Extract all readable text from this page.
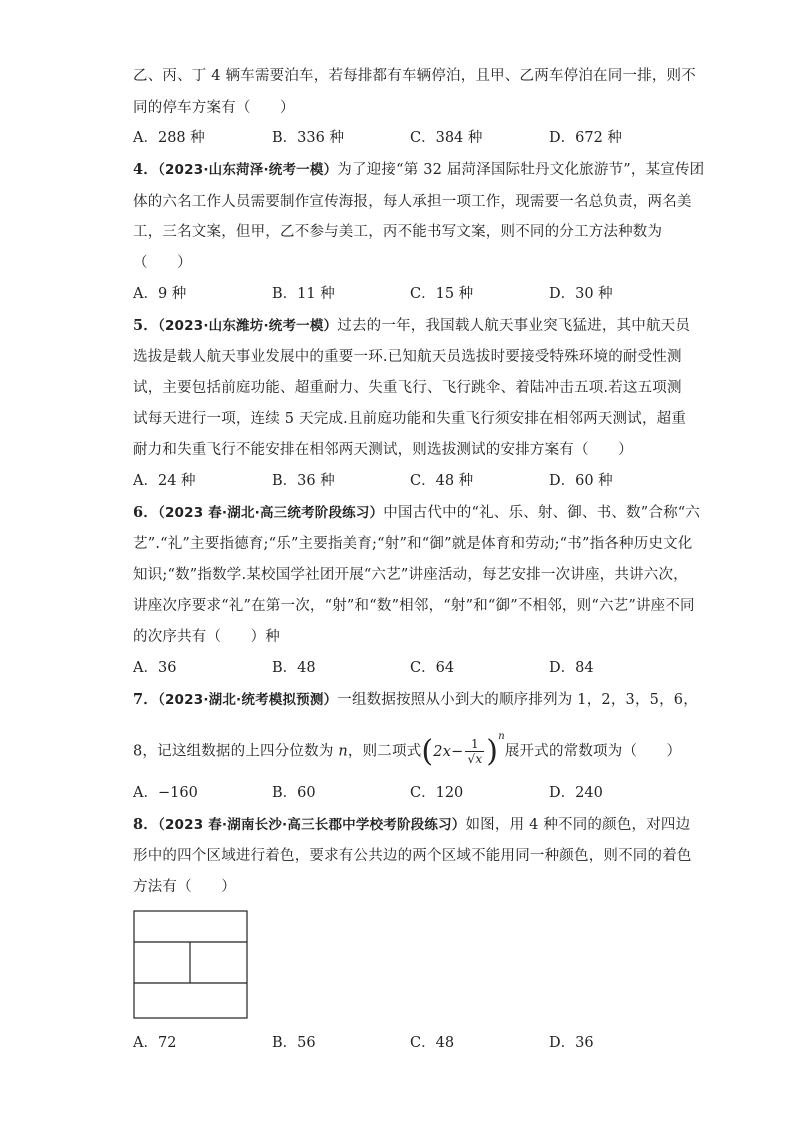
乙、丙、丁 4 辆车需要泊车，若每排都有车辆停泊，且甲、乙两车停泊在同一排，则不
同的停车方案有（　　）
A．288 种	B．336 种	C．384 种	D．672 种
4．（2023·山东菏泽·统考一模）为了迎接“第 32 届菏泽国际牡丹文化旅游节”，某宣传团
体的六名工作人员需要制作宣传海报，每人承担一项工作，现需要一名总负责，两名美
工，三名文案，但甲，乙不参与美工，丙不能书写文案，则不同的分工方法种数为
（　　）
A．9 种	B．11 种	C．15 种	D．30 种
5．（2023·山东潍坊·统考一模）过去的一年，我国载人航天事业突飞猛进，其中航天员
选拔是载人航天事业发展中的重要一环.已知航天员选拔时要接受特殊环境的耐受性测
试，主要包括前庭功能、超重耐力、失重飞行、飞行跳伞、着陆冲击五项.若这五项测
试每天进行一项，连续 5 天完成.且前庭功能和失重飞行须安排在相邻两天测试，超重
耐力和失重飞行不能安排在相邻两天测试，则选拔测试的安排方案有（　　）
A．24 种	B．36 种	C．48 种	D．60 种
6．（2023 春·湖北·高三统考阶段练习）中国古代中的“礼、乐、射、御、书、数”合称“六
艺”.“礼”主要指德育;“乐”主要指美育;“射”和“御”就是体育和劳动;“书”指各种历史文化
知识;“数”指数学.某校国学社团开展“六艺”讲座活动，每艺安排一次讲座，共讲六次，
讲座次序要求“礼”在第一次，“射”和“数”相邻，“射”和“御”不相邻，则“六艺”讲座不同
的次序共有（　　）种
A．36	B．48	C．64	D．84
7．（2023·湖北·统考模拟预测）一组数据按照从小到大的顺序排列为 1，2，3，5，6，
8，记这组数据的上四分位数为 n，则二项式$(2x- \frac{1}{√x} )^n$展开式的常数项为（　　）
A．−160	B．60	C．120	D．240
8．（2023 春·湖南长沙·高三长郡中学校考阶段练习）如图，用 4 种不同的颜色，对四边
形中的四个区域进行着色，要求有公共边的两个区域不能用同一种颜色，则不同的着色
方法有（　　）
A．72	B．56	C．48	D．36
